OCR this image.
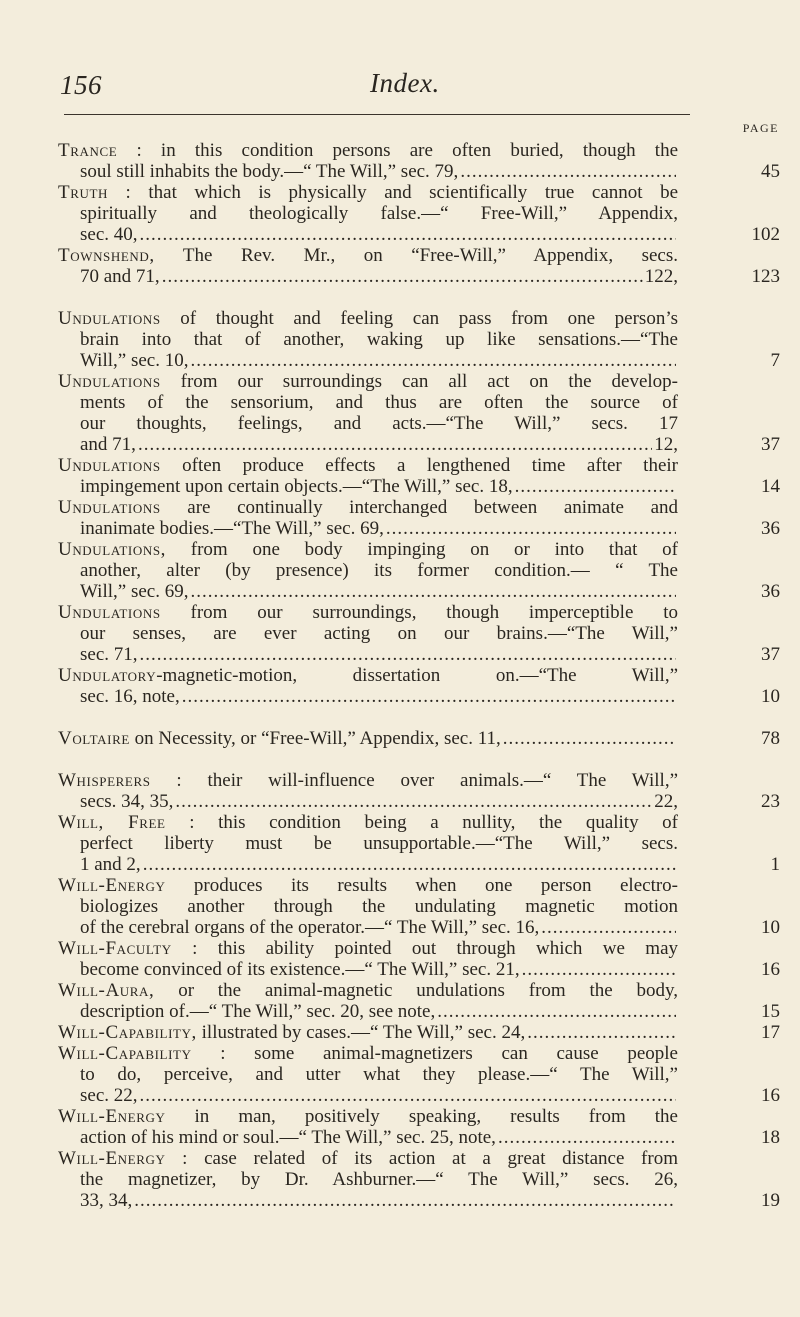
156	Index.
PAGE
Trance : in this condition persons are often buried, though the
soul still inhabits the body.—“ The Will,” sec. 79, .....	45
Truth : that which is physically and scientifically true cannot be
spiritually and theologically false.—“ Free-Will,” Appendix,
sec. 40, .....	102
Townshend, The Rev. Mr., on “Free-Will,” Appendix, secs.
70 and 71, .....	122,	123
Undulations of thought and feeling can pass from one person’s
brain into that of another, waking up like sensations.—“The
Will,” sec. 10, .....	7
Undulations from our surroundings can all act on the develop-
ments of the sensorium, and thus are often the source of
our thoughts, feelings, and acts.—“The Will,” secs. 17
and 71, .....	12,	37
Undulations often produce effects a lengthened time after their
impingement upon certain objects.—“The Will,” sec. 18, .....	14
Undulations are continually interchanged between animate and
inanimate bodies.—“The Will,” sec. 69, .....	36
Undulations, from one body impinging on or into that of
another, alter (by presence) its former condition.— “ The
Will,” sec. 69, .....	36
Undulations from our surroundings, though imperceptible to
our senses, are ever acting on our brains.—“The Will,”
sec. 71, .....	37
Undulatory-magnetic-motion, dissertation on.—“The Will,”
sec. 16, note, .....	10
Voltaire on Necessity, or “Free-Will,” Appendix, sec. 11, .....	78
Whisperers : their will-influence over animals.—“ The Will,”
secs. 34, 35, .....	22,	23
Will, Free : this condition being a nullity, the quality of
perfect liberty must be unsupportable.—“The Will,” secs.
1 and 2, .....	1
Will-Energy produces its results when one person electro-
biologizes another through the undulating magnetic motion
of the cerebral organs of the operator.—“ The Will,” sec. 16, .....	10
Will-Faculty : this ability pointed out through which we may
become convinced of its existence.—“ The Will,” sec. 21, .....	16
Will-Aura, or the animal-magnetic undulations from the body,
description of.—“ The Will,” sec. 20, see note, .....	15
Will-Capability, illustrated by cases.—“ The Will,” sec. 24, .....	17
Will-Capability : some animal-magnetizers can cause people
to do, perceive, and utter what they please.—“ The Will,”
sec. 22, .....	16
Will-Energy in man, positively speaking, results from the
action of his mind or soul.—“ The Will,” sec. 25, note, .....	18
Will-Energy : case related of its action at a great distance from
the magnetizer, by Dr. Ashburner.—“ The Will,” secs. 26,
33, 34, .....	19
